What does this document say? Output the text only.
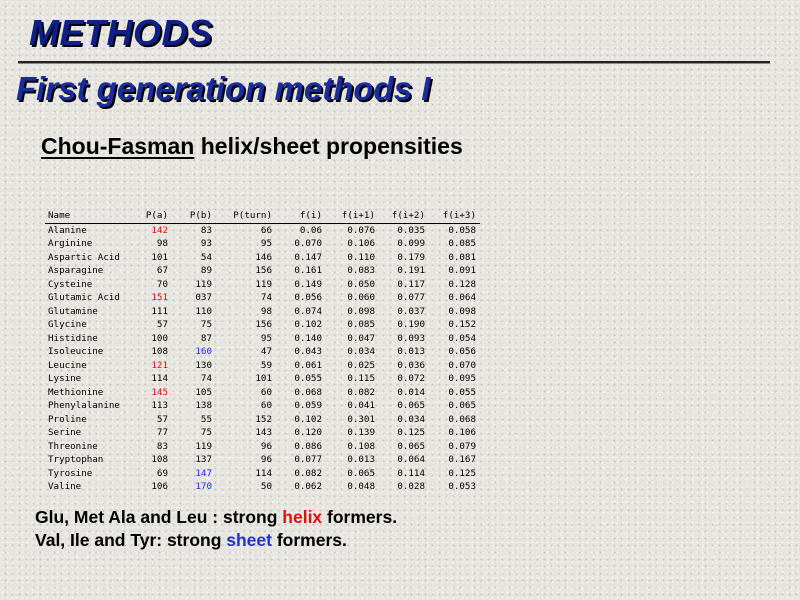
METHODS
First generation methods I

Chou-Fasman helix/sheet propensities

Name	P(a)	P(b)	P(turn)	f(i)	f(i+1)	f(i+2)	f(i+3)
Alanine	142	83	66	0.06	0.076	0.035	0.058
Arginine	98	93	95	0.070	0.106	0.099	0.085
Aspartic Acid	101	54	146	0.147	0.110	0.179	0.081
Asparagine	67	89	156	0.161	0.083	0.191	0.091
Cysteine	70	119	119	0.149	0.050	0.117	0.128
Glutamic Acid	151	037	74	0.056	0.060	0.077	0.064
Glutamine	111	110	98	0.074	0.098	0.037	0.098
Glycine	57	75	156	0.102	0.085	0.190	0.152
Histidine	100	87	95	0.140	0.047	0.093	0.054
Isoleucine	108	160	47	0.043	0.034	0.013	0.056
Leucine	121	130	59	0.061	0.025	0.036	0.070
Lysine	114	74	101	0.055	0.115	0.072	0.095
Methionine	145	105	60	0.068	0.082	0.014	0.055
Phenylalanine	113	138	60	0.059	0.041	0.065	0.065
Proline	57	55	152	0.102	0.301	0.034	0.068
Serine	77	75	143	0.120	0.139	0.125	0.106
Threonine	83	119	96	0.086	0.108	0.065	0.079
Tryptophan	108	137	96	0.077	0.013	0.064	0.167
Tyrosine	69	147	114	0.082	0.065	0.114	0.125
Valine	106	170	50	0.062	0.048	0.028	0.053

Glu, Met Ala and Leu : strong helix formers.

Val, Ile and Tyr: strong sheet formers.
